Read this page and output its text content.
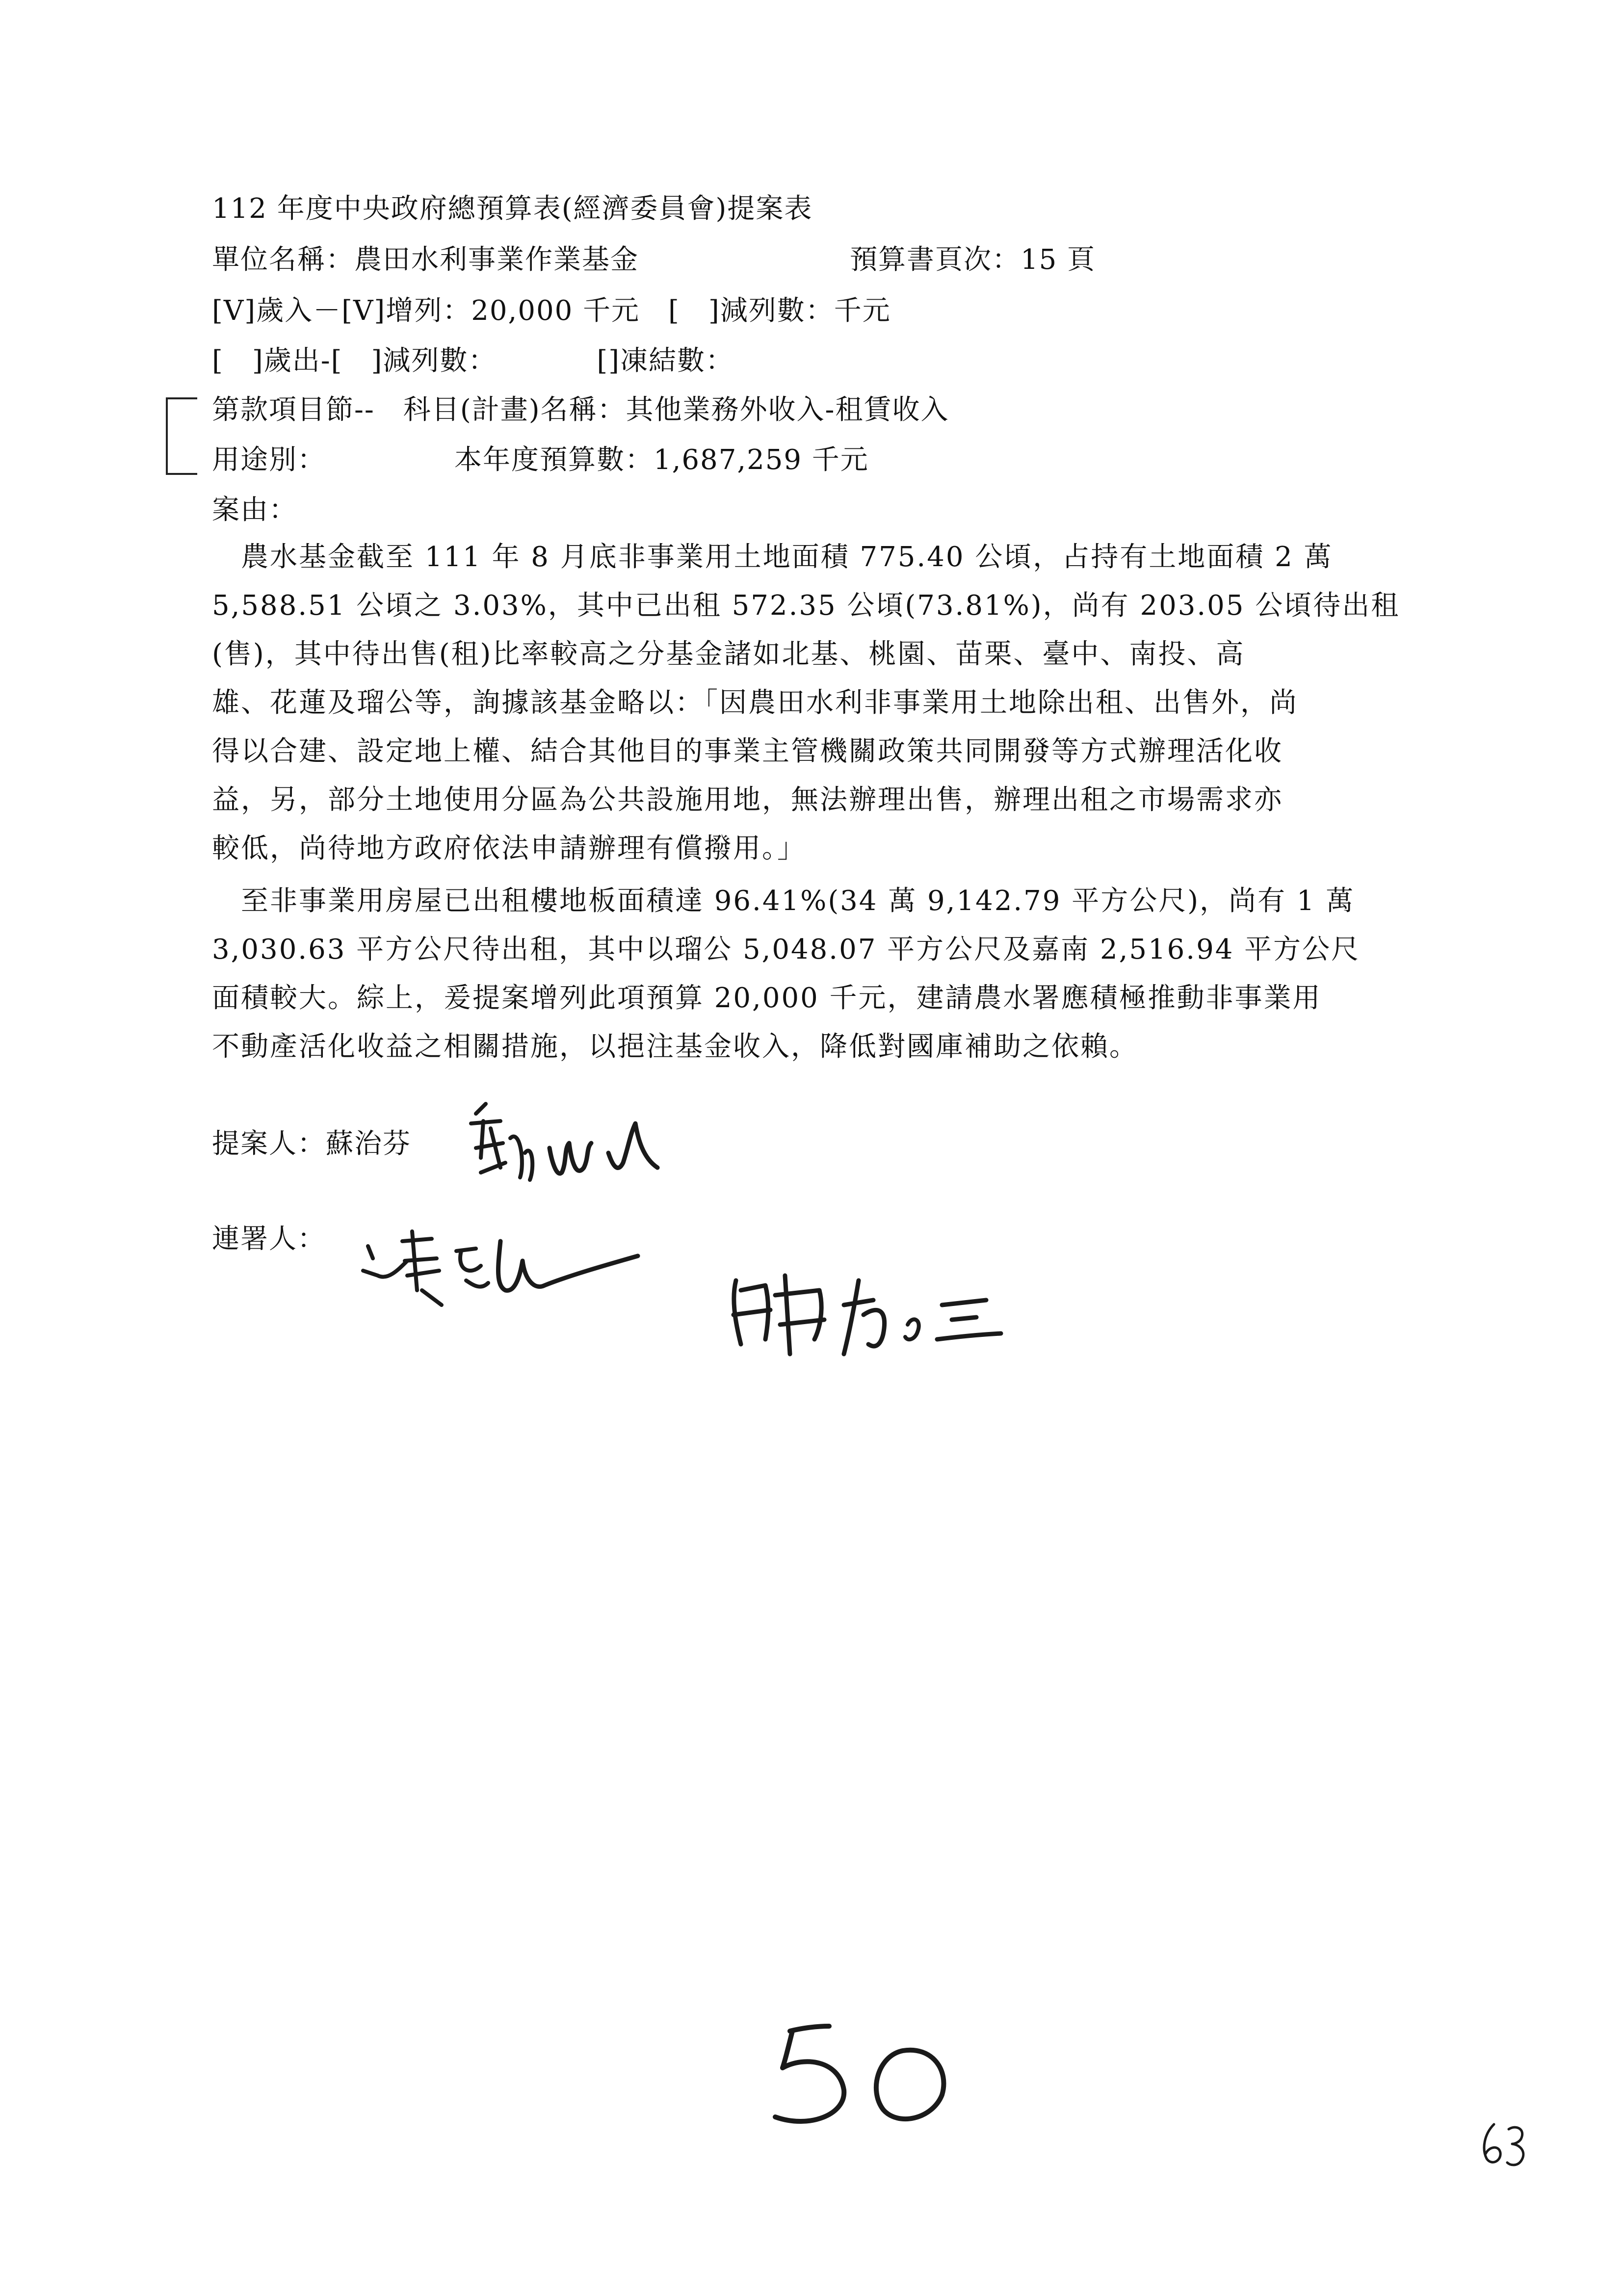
112 年度中央政府總預算表(經濟委員會)提案表
單位名稱：農田水利事業作業基金	預算書頁次：15 頁
[V]歲入－[V]增列：20,000 千元　[　]減列數：千元
[　]歲出-[　]減列數：　　　　[]凍結數：
第款項目節--　科目(計畫)名稱：其他業務外收入-租賃收入
用途別：　　　　　本年度預算數：1,687,259 千元
案由：
　農水基金截至 111 年 8 月底非事業用土地面積 775.40 公頃，占持有土地面積 2 萬
5,588.51 公頃之 3.03%，其中已出租 572.35 公頃(73.81%)，尚有 203.05 公頃待出租
(售)，其中待出售(租)比率較高之分基金諸如北基、桃園、苗栗、臺中、南投、高
雄、花蓮及瑠公等，詢據該基金略以：「因農田水利非事業用土地除出租、出售外，尚
得以合建、設定地上權、結合其他目的事業主管機關政策共同開發等方式辦理活化收
益，另，部分土地使用分區為公共設施用地，無法辦理出售，辦理出租之市場需求亦
較低，尚待地方政府依法申請辦理有償撥用。」
　至非事業用房屋已出租樓地板面積達 96.41%(34 萬 9,142.79 平方公尺)，尚有 1 萬
3,030.63 平方公尺待出租，其中以瑠公 5,048.07 平方公尺及嘉南 2,516.94 平方公尺
面積較大。綜上，爰提案增列此項預算 20,000 千元，建請農水署應積極推動非事業用
不動產活化收益之相關措施，以挹注基金收入，降低對國庫補助之依賴。
提案人：蘇治芬
連署人：
